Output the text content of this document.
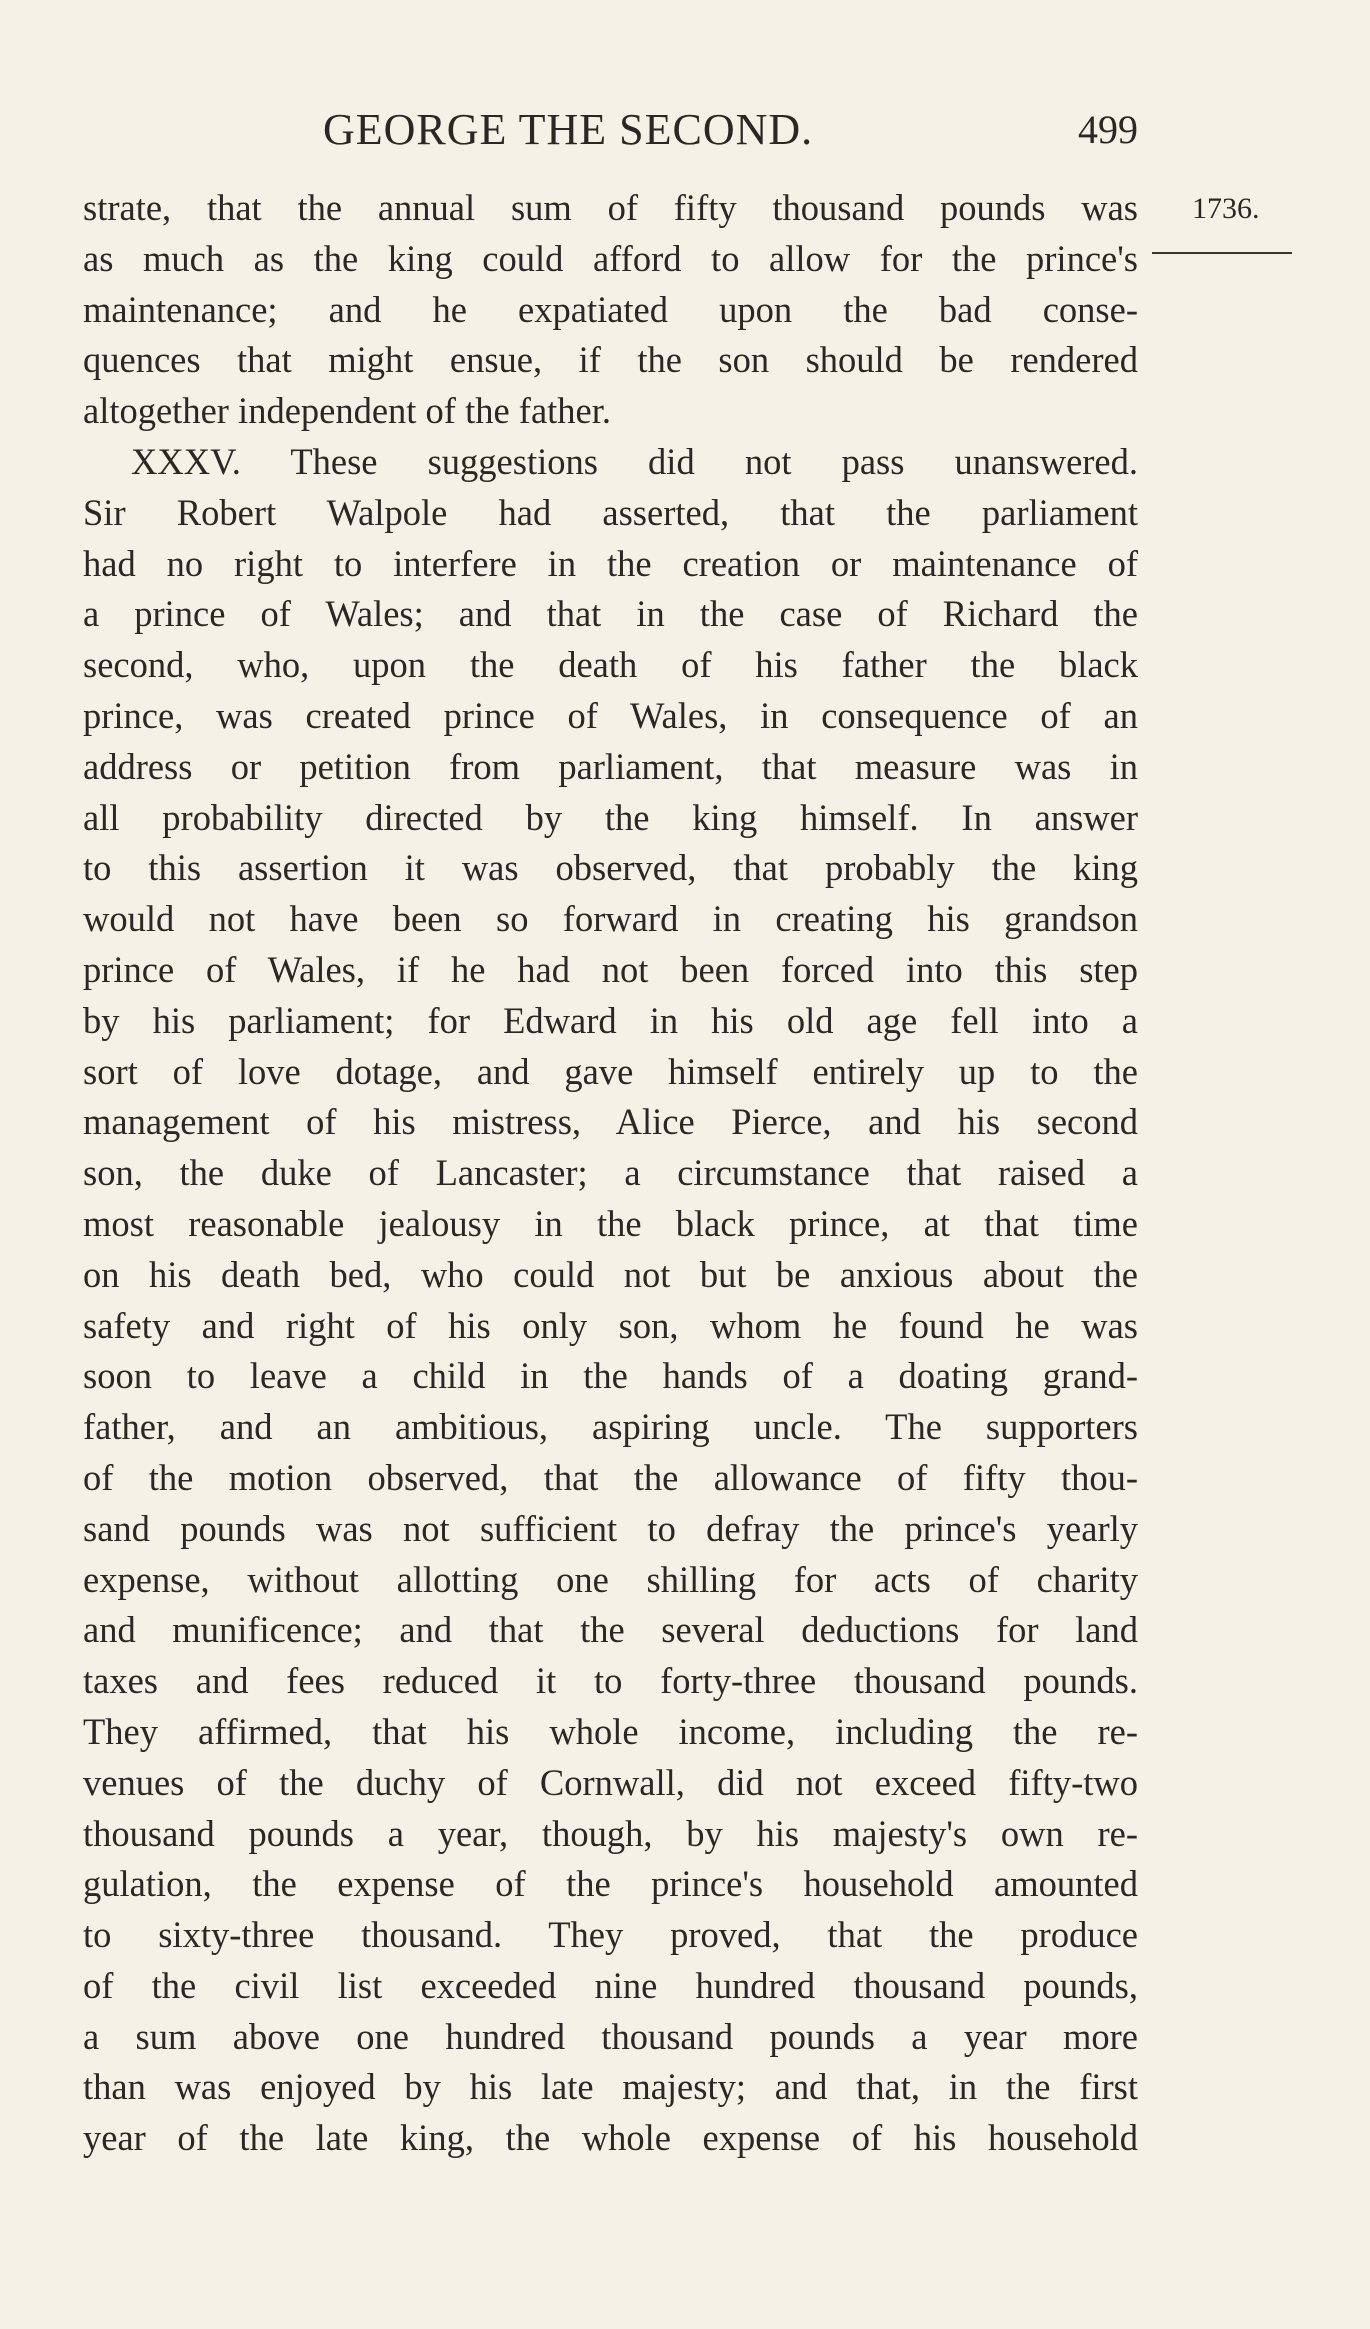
GEORGE THE SECOND.	499
1736.
strate, that the annual sum of fifty thousand pounds was
as much as the king could afford to allow for the prince's
maintenance; and he expatiated upon the bad conse-
quences that might ensue, if the son should be rendered
altogether independent of the father.
XXXV. These suggestions did not pass unanswered.
Sir Robert Walpole had asserted, that the parliament
had no right to interfere in the creation or maintenance of
a prince of Wales; and that in the case of Richard the
second, who, upon the death of his father the black
prince, was created prince of Wales, in consequence of an
address or petition from parliament, that measure was in
all probability directed by the king himself. In answer
to this assertion it was observed, that probably the king
would not have been so forward in creating his grandson
prince of Wales, if he had not been forced into this step
by his parliament; for Edward in his old age fell into a
sort of love dotage, and gave himself entirely up to the
management of his mistress, Alice Pierce, and his second
son, the duke of Lancaster; a circumstance that raised a
most reasonable jealousy in the black prince, at that time
on his death bed, who could not but be anxious about the
safety and right of his only son, whom he found he was
soon to leave a child in the hands of a doating grand-
father, and an ambitious, aspiring uncle. The supporters
of the motion observed, that the allowance of fifty thou-
sand pounds was not sufficient to defray the prince's yearly
expense, without allotting one shilling for acts of charity
and munificence; and that the several deductions for land
taxes and fees reduced it to forty-three thousand pounds.
They affirmed, that his whole income, including the re-
venues of the duchy of Cornwall, did not exceed fifty-two
thousand pounds a year, though, by his majesty's own re-
gulation, the expense of the prince's household amounted
to sixty-three thousand. They proved, that the produce
of the civil list exceeded nine hundred thousand pounds,
a sum above one hundred thousand pounds a year more
than was enjoyed by his late majesty; and that, in the first
year of the late king, the whole expense of his household
